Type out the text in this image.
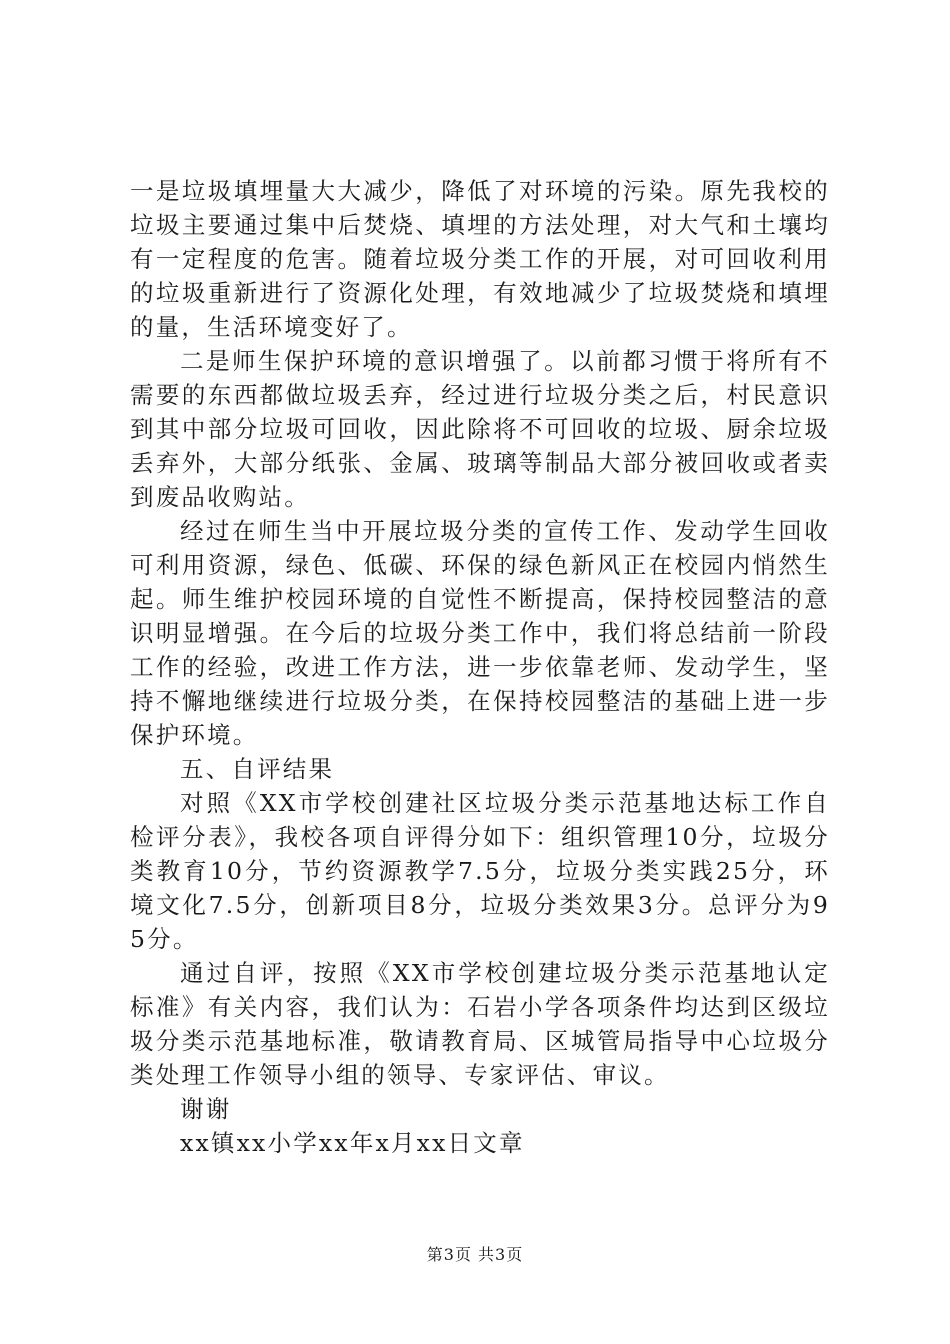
一是垃圾填埋量大大减少，降低了对环境的污染。原先我校的垃圾主要通过集中后焚烧、填埋的方法处理，对大气和土壤均有一定程度的危害。随着垃圾分类工作的开展，对可回收利用的垃圾重新进行了资源化处理，有效地减少了垃圾焚烧和填埋的量，生活环境变好了。

二是师生保护环境的意识增强了。以前都习惯于将所有不需要的东西都做垃圾丢弃，经过进行垃圾分类之后，村民意识到其中部分垃圾可回收，因此除将不可回收的垃圾、厨余垃圾丢弃外，大部分纸张、金属、玻璃等制品大部分被回收或者卖到废品收购站。

经过在师生当中开展垃圾分类的宣传工作、发动学生回收可利用资源，绿色、低碳、环保的绿色新风正在校园内悄然生起。师生维护校园环境的自觉性不断提高，保持校园整洁的意识明显增强。在今后的垃圾分类工作中，我们将总结前一阶段工作的经验，改进工作方法，进一步依靠老师、发动学生，坚持不懈地继续进行垃圾分类，在保持校园整洁的基础上进一步保护环境。

五、自评结果

对照《XX市学校创建社区垃圾分类示范基地达标工作自检评分表》，我校各项自评得分如下：组织管理10分，垃圾分类教育10分，节约资源教学7.5分，垃圾分类实践25分，环境文化7.5分，创新项目8分，垃圾分类效果3分。总评分为95分。

通过自评，按照《XX市学校创建垃圾分类示范基地认定标准》有关内容，我们认为：石岩小学各项条件均达到区级垃圾分类示范基地标准，敬请教育局、区城管局指导中心垃圾分类处理工作领导小组的领导、专家评估、审议。

谢谢

xx镇xx小学xx年x月xx日文章

第3页 共3页
